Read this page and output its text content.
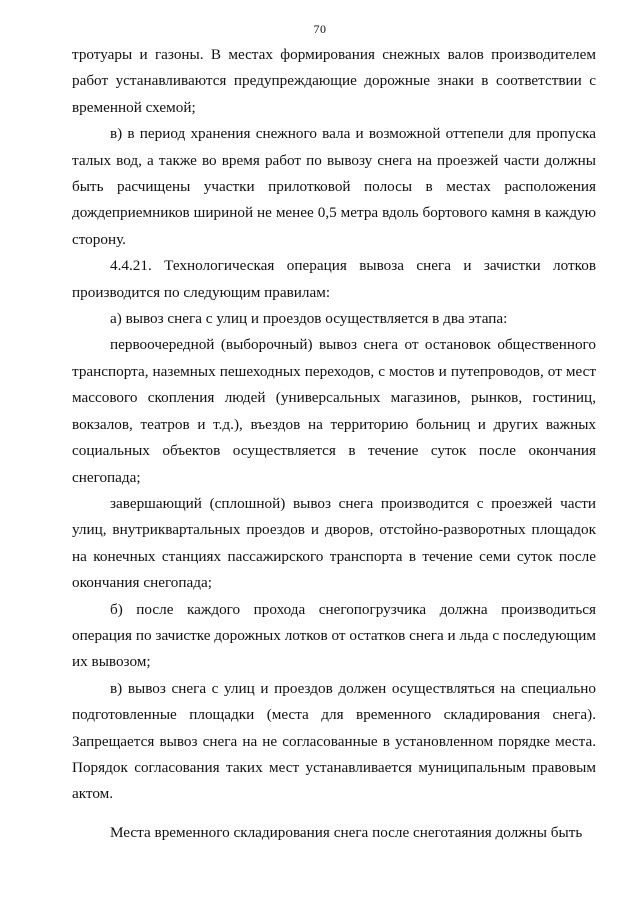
70

тротуары и газоны. В местах формирования снежных валов производителем работ устанавливаются предупреждающие дорожные знаки в соответствии с временной схемой;

в) в период хранения снежного вала и возможной оттепели для пропуска талых вод, а также во время работ по вывозу снега на проезжей части должны быть расчищены участки прилотковой полосы в местах расположения дождеприемников шириной не менее 0,5 метра вдоль бортового камня в каждую сторону.

4.4.21. Технологическая операция вывоза снега и зачистки лотков производится по следующим правилам:

а) вывоз снега с улиц и проездов осуществляется в два этапа:

первоочередной (выборочный) вывоз снега от остановок общественного транспорта, наземных пешеходных переходов, с мостов и путепроводов, от мест массового скопления людей (универсальных магазинов, рынков, гостиниц, вокзалов, театров и т.д.), въездов на территорию больниц и других важных социальных объектов осуществляется в течение суток после окончания снегопада;

завершающий (сплошной) вывоз снега производится с проезжей части улиц, внутриквартальных проездов и дворов, отстойно-разворотных площадок на конечных станциях пассажирского транспорта в течение семи суток после окончания снегопада;

б) после каждого прохода снегопогрузчика должна производиться операция по зачистке дорожных лотков от остатков снега и льда с последующим их вывозом;

в) вывоз снега с улиц и проездов должен осуществляться на специально подготовленные площадки (места для временного складирования снега). Запрещается вывоз снега на не согласованные в установленном порядке места. Порядок согласования таких мест устанавливается муниципальным правовым актом.

Места временного складирования снега после снеготаяния должны быть
